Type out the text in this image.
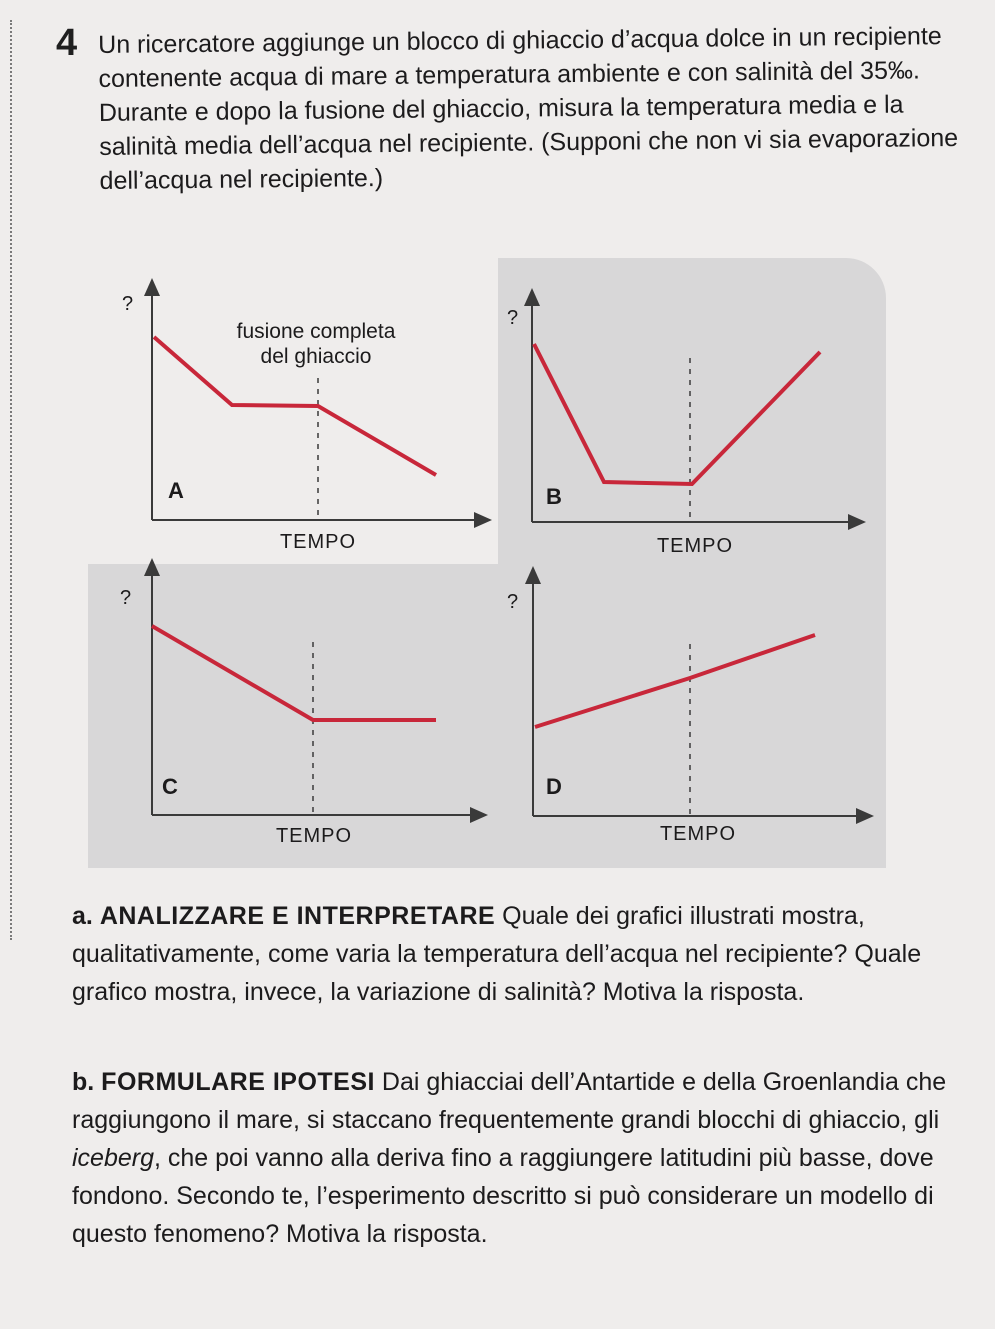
4 Un ricercatore aggiunge un blocco di ghiaccio d’acqua dolce in un recipiente contenente acqua di mare a temperatura ambiente e con salinità del 35‰. Durante e dopo la fusione del ghiaccio, misura la temperatura media e la salinità media dell’acqua nel recipiente. (Supponi che non vi sia evaporazione dell’acqua nel recipiente.)

?
fusione completa
del ghiaccio
A
TEMPO
?
B
TEMPO
?
C
TEMPO
?
D
TEMPO

a. ANALIZZARE E INTERPRETARE Quale dei grafici illustrati mostra, qualitativamente, come varia la temperatura dell’acqua nel recipiente? Quale grafico mostra, invece, la variazione di salinità? Motiva la risposta.

b. FORMULARE IPOTESI Dai ghiacciai dell’Antartide e della Groenlandia che raggiungono il mare, si staccano frequentemente grandi blocchi di ghiaccio, gli iceberg, che poi vanno alla deriva fino a raggiungere latitudini più basse, dove fondono. Secondo te, l’esperimento descritto si può considerare un modello di questo fenomeno? Motiva la risposta.
